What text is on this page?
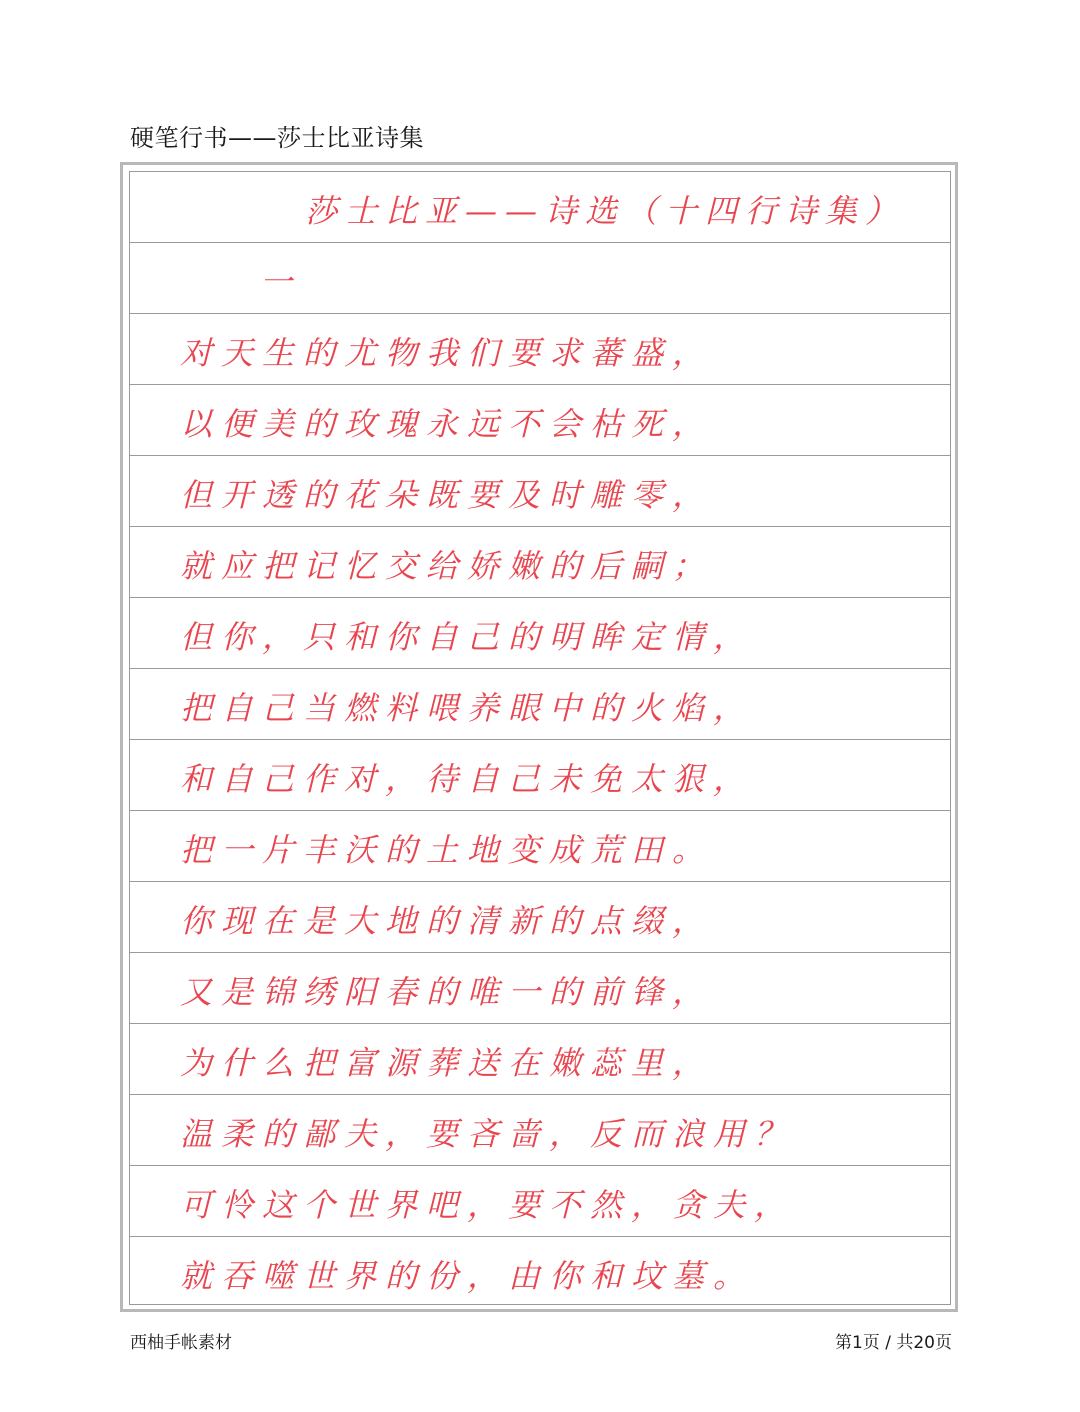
硬笔行书——莎士比亚诗集
莎士比亚——诗选（十四行诗集）
一
对天生的尤物我们要求蕃盛，
以便美的玫瑰永远不会枯死，
但开透的花朵既要及时雕零，
就应把记忆交给娇嫩的后嗣；
但你，只和你自己的明眸定情，
把自己当燃料喂养眼中的火焰，
和自己作对，待自己未免太狠，
把一片丰沃的土地变成荒田。
你现在是大地的清新的点缀，
又是锦绣阳春的唯一的前锋，
为什么把富源葬送在嫩蕊里，
温柔的鄙夫，要吝啬，反而浪用？
可怜这个世界吧，要不然，贪夫，
就吞噬世界的份，由你和坟墓。
西柚手帐素材	第1页 / 共20页
